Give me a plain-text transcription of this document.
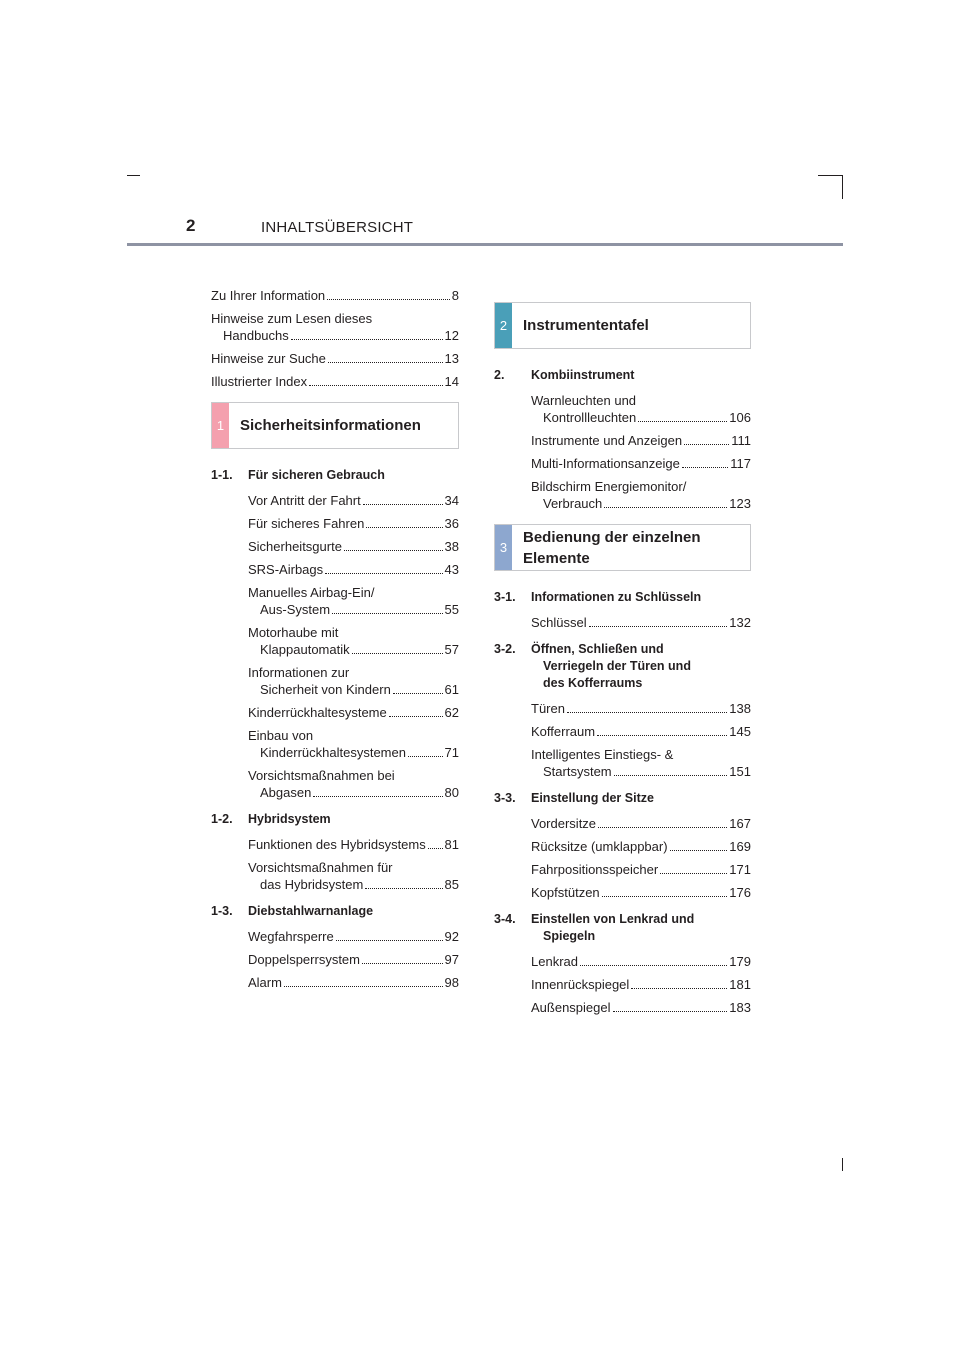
2	INHALTSÜBERSICHT
Zu Ihrer Information	8
Hinweise zum Lesen dieses
Handbuchs	12
Hinweise zur Suche	13
Illustrierter Index	14
1	Sicherheitsinformationen
1-1.	Für sicheren Gebrauch
Vor Antritt der Fahrt	34
Für sicheres Fahren	36
Sicherheitsgurte	38
SRS-Airbags	43
Manuelles Airbag-Ein/
Aus-System	55
Motorhaube mit
Klappautomatik	57
Informationen zur
Sicherheit von Kindern	61
Kinderrückhaltesysteme	62
Einbau von
Kinderrückhaltesystemen	71
Vorsichtsmaßnahmen bei
Abgasen	80
1-2.	Hybridsystem
Funktionen des Hybridsystems 81
Vorsichtsmaßnahmen für
das Hybridsystem	85
1-3.	Diebstahlwarnanlage
Wegfahrsperre	92
Doppelsperrsystem	97
Alarm	98
2	Instrumententafel
2.	Kombiinstrument
Warnleuchten und
Kontrollleuchten	106
Instrumente und Anzeigen	111
Multi-Informationsanzeige	117
Bildschirm Energiemonitor/
Verbrauch	123
3
Bedienung der einzelnen
Elemente
3-1.	Informationen zu Schlüsseln
Schlüssel	132
3-2.	Öffnen, Schließen und
Verriegeln der Türen und
des Kofferraums
Türen	138
Kofferraum	145
Intelligentes Einstiegs- &
Startsystem	151
3-3.	Einstellung der Sitze
Vordersitze	167
Rücksitze (umklappbar)	169
Fahrpositionsspeicher	171
Kopfstützen	176
3-4.	Einstellen von Lenkrad und
Spiegeln
Lenkrad	179
Innenrückspiegel	181
Außenspiegel	183
